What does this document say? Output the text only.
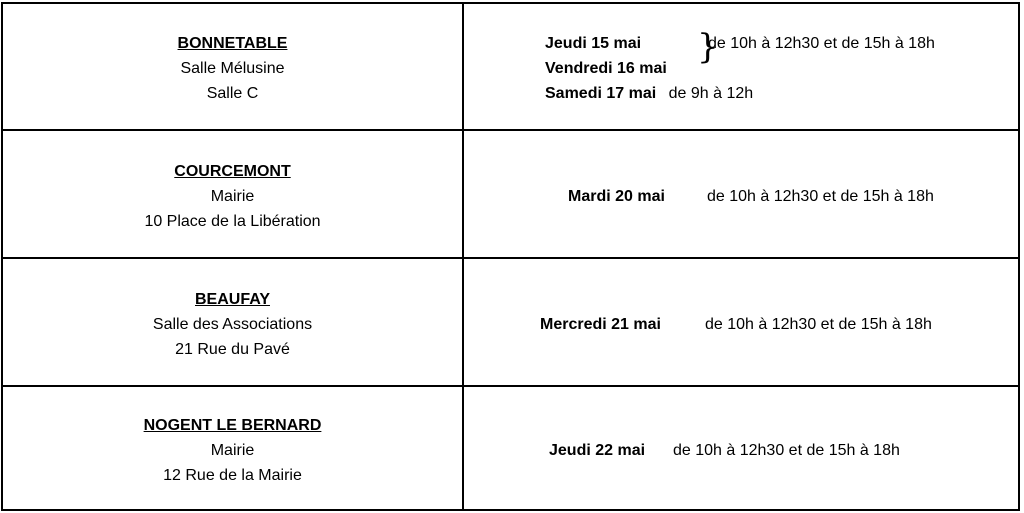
BONNETABLE
Salle Mélusine
Salle C
Jeudi 15 mai
Vendredi 16 mai
Samedi 17 mai de 9h à 12h
}
de 10h à 12h30 et de 15h à 18h
COURCEMONT
Mairie
10 Place de la Libération
Mardi 20 mai	de 10h à 12h30 et de 15h à 18h
BEAUFAY
Salle des Associations
21 Rue du Pavé
Mercredi 21 mai	de 10h à 12h30 et de 15h à 18h
NOGENT LE BERNARD
Mairie
12 Rue de la Mairie
Jeudi 22 mai de 10h à 12h30 et de 15h à 18h
